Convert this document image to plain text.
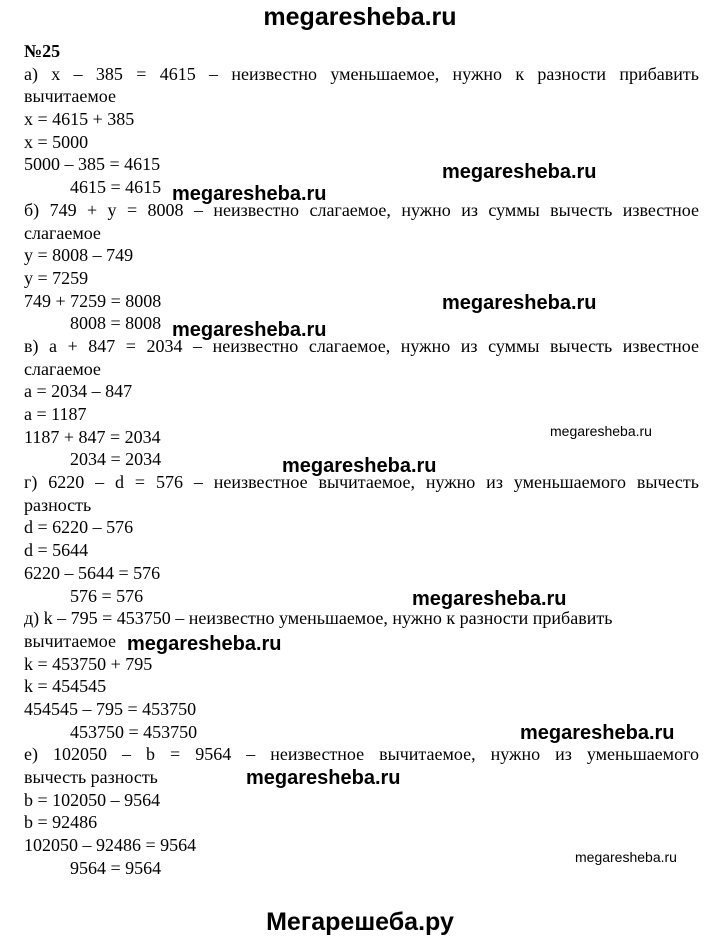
megaresheba.ru
№25
а) x – 385 = 4615 – неизвестно уменьшаемое, нужно к разности прибавить
вычитаемое
x = 4615 + 385
x = 5000
5000 – 385 = 4615
4615 = 4615
б) 749 + y = 8008 – неизвестно слагаемое, нужно из суммы вычесть известное
слагаемое
y = 8008 – 749
y = 7259
749 + 7259 = 8008
8008 = 8008
в) a + 847 = 2034 – неизвестно слагаемое, нужно из суммы вычесть известное
слагаемое
a = 2034 – 847
a = 1187
1187 + 847 = 2034
2034 = 2034
г) 6220 – d = 576 – неизвестное вычитаемое, нужно из уменьшаемого вычесть
разность
d = 6220 – 576
d = 5644
6220 – 5644 = 576
576 = 576
д) k – 795 = 453750 – неизвестно уменьшаемое, нужно к разности прибавить
вычитаемое
k = 453750 + 795
k = 454545
454545 – 795 = 453750
453750 = 453750
е) 102050 – b = 9564 – неизвестное вычитаемое, нужно из уменьшаемого
вычесть разность
b = 102050 – 9564
b = 92486
102050 – 92486 = 9564
9564 = 9564
megaresheba.ru
megaresheba.ru
megaresheba.ru
megaresheba.ru
megaresheba.ru
megaresheba.ru
megaresheba.ru
megaresheba.ru
megaresheba.ru
megaresheba.ru
megaresheba.ru
Мегарешеба.ру
